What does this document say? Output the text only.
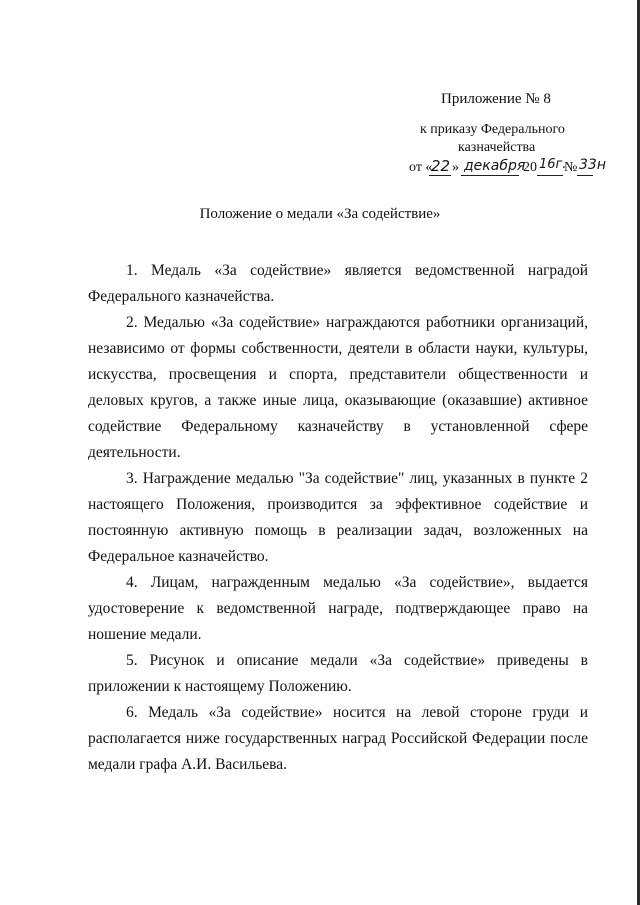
Приложение № 8
к приказу Федерального
казначейства
от «
22 » декабря
20 16г.
№ 33н
Положение о медали «За содействие»

1. Медаль «За содействие» является ведомственной наградой Федерального казначейства.

2. Медалью «За содействие» награждаются работники организаций, независимо от формы собственности, деятели в области науки, культуры, искусства, просвещения и спорта, представители общественности и деловых кругов, а также иные лица, оказывающие (оказавшие) активное содействие Федеральному казначейству в установленной сфере деятельности.

3. Награждение медалью "За содействие" лиц, указанных в пункте 2 настоящего Положения, производится за эффективное содействие и постоянную активную помощь в реализации задач, возложенных на Федеральное казначейство.

4. Лицам, награжденным медалью «За содействие», выдается удостоверение к ведомственной награде, подтверждающее право на ношение медали.

5. Рисунок и описание медали «За содействие» приведены в приложении к настоящему Положению.

6. Медаль «За содействие» носится на левой стороне груди и располагается ниже государственных наград Российской Федерации после медали графа А.И. Васильева.
